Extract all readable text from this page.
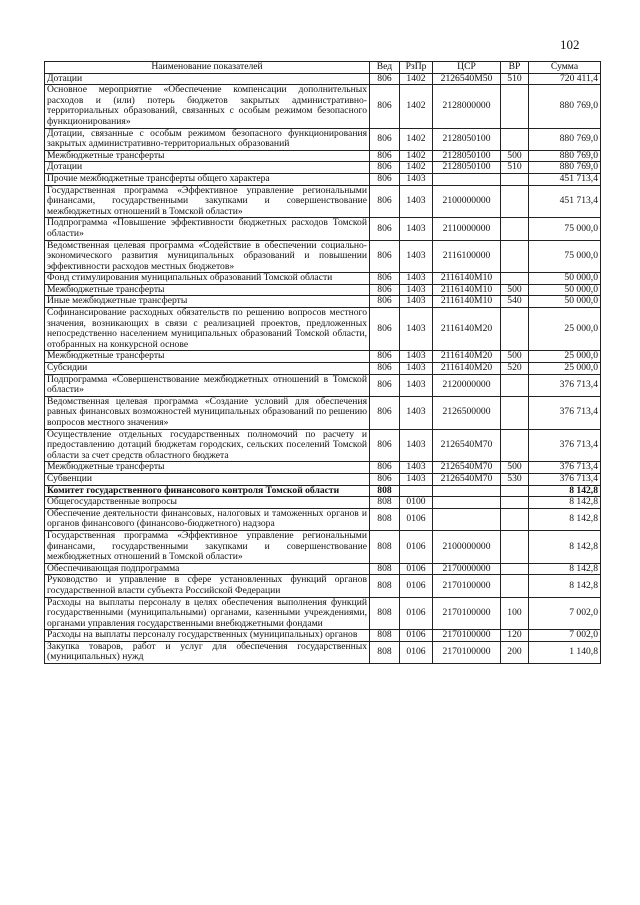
102
Наименование показателей	Вед	РзПр	ЦСР	ВР	Сумма
Дотации	806	1402	2126540M50	510	720 411,4
Основное мероприятие «Обеспечение компенсации дополнительных расходов и (или) потерь бюджетов закрытых административно-территориальных образований, связанных с особым режимом безопасного функционирования»	806	1402	2128000000		880 769,0
Дотации, связанные с особым режимом безопасного функционирования закрытых административно-территориальных образований	806	1402	2128050100		880 769,0
Межбюджетные трансферты	806	1402	2128050100	500	880 769,0
Дотации	806	1402	2128050100	510	880 769,0
Прочие межбюджетные трансферты общего характера	806	1403			451 713,4
Государственная программа «Эффективное управление региональными финансами, государственными закупками и совершенствование межбюджетных отношений в Томской области»	806	1403	2100000000		451 713,4
Подпрограмма «Повышение эффективности бюджетных расходов Томской области»	806	1403	2110000000		75 000,0
Ведомственная целевая программа «Содействие в обеспечении социально-экономического развития муниципальных образований и повышении эффективности расходов местных бюджетов»	806	1403	2116100000		75 000,0
Фонд стимулирования муниципальных образований Томской области	806	1403	2116140M10		50 000,0
Межбюджетные трансферты	806	1403	2116140M10	500	50 000,0
Иные межбюджетные трансферты	806	1403	2116140M10	540	50 000,0
Софинансирование расходных обязательств по решению вопросов местного значения, возникающих в связи с реализацией проектов, предложенных непосредственно населением муниципальных образований Томской области, отобранных на конкурсной основе	806	1403	2116140M20		25 000,0
Межбюджетные трансферты	806	1403	2116140M20	500	25 000,0
Субсидии	806	1403	2116140M20	520	25 000,0
Подпрограмма «Совершенствование межбюджетных отношений в Томской области»	806	1403	2120000000		376 713,4
Ведомственная целевая программа «Создание условий для обеспечения равных финансовых возможностей муниципальных образований по решению вопросов местного значения»	806	1403	2126500000		376 713,4
Осуществление отдельных государственных полномочий по расчету и предоставлению дотаций бюджетам городских, сельских поселений Томской области за счет средств областного бюджета	806	1403	2126540M70		376 713,4
Межбюджетные трансферты	806	1403	2126540M70	500	376 713,4
Субвенции	806	1403	2126540M70	530	376 713,4
Комитет государственного финансового контроля Томской области	808				8 142,8
Общегосударственные вопросы	808	0100			8 142,8
Обеспечение деятельности финансовых, налоговых и таможенных органов и органов финансового (финансово-бюджетного) надзора	808	0106			8 142,8
Государственная программа «Эффективное управление региональными финансами, государственными закупками и совершенствование межбюджетных отношений в Томской области»	808	0106	2100000000		8 142,8
Обеспечивающая подпрограмма	808	0106	2170000000		8 142,8
Руководство и управление в сфере установленных функций органов государственной власти субъекта Российской Федерации	808	0106	2170100000		8 142,8
Расходы на выплаты персоналу в целях обеспечения выполнения функций государственными (муниципальными) органами, казенными учреждениями, органами управления государственными внебюджетными фондами	808	0106	2170100000	100	7 002,0
Расходы на выплаты персоналу государственных (муниципальных) органов	808	0106	2170100000	120	7 002,0
Закупка товаров, работ и услуг для обеспечения государственных (муниципальных) нужд	808	0106	2170100000	200	1 140,8
